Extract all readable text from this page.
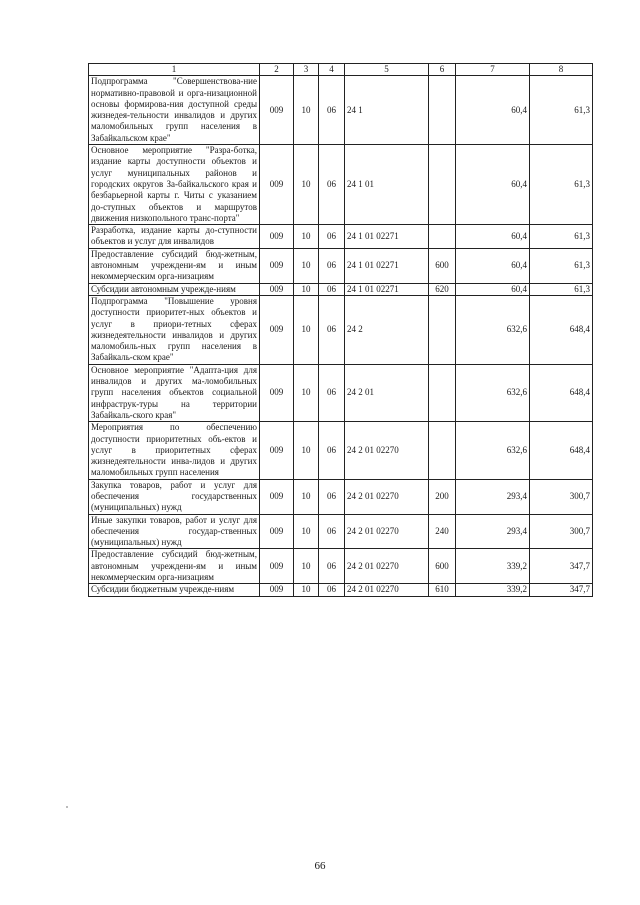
1	2	3	4	5	6	7	8
Подпрограмма "Совершенствова-ние нормативно-правовой и орга-низационной основы формирова-ния доступной среды жизнедея-тельности инвалидов и других маломобильных групп населения в Забайкальском крае"	009	10	06	24 1		60,4	61,3
Основное мероприятие "Разра-ботка, издание карты доступности объектов и услуг муниципальных районов и городских округов За-байкальского края и безбарьерной карты г. Читы с указанием до-ступных объектов и маршрутов движения низкопольного транс-порта"	009	10	06	24 1 01		60,4	61,3
Разработка, издание карты до-ступности объектов и услуг для инвалидов	009	10	06	24 1 01 02271		60,4	61,3
Предоставление субсидий бюд-жетным, автономным учреждени-ям и иным некоммерческим орга-низациям	009	10	06	24 1 01 02271	600	60,4	61,3
Субсидии автономным учрежде-ниям	009	10	06	24 1 01 02271	620	60,4	61,3
Подпрограмма "Повышение уровня доступности приоритет-ных объектов и услуг в приори-тетных сферах жизнедеятельности инвалидов и других маломобиль-ных групп населения в Забайкаль-ском крае"	009	10	06	24 2		632,6	648,4
Основное мероприятие "Адапта-ция для инвалидов и других ма-ломобильных групп населения объектов социальной инфраструк-туры на территории Забайкаль-ского края"	009	10	06	24 2 01		632,6	648,4
Мероприятия по обеспечению доступности приоритетных объ-ектов и услуг в приоритетных сферах жизнедеятельности инва-лидов и других маломобильных групп населения	009	10	06	24 2 01 02270		632,6	648,4
Закупка товаров, работ и услуг для обеспечения государственных (муниципальных) нужд	009	10	06	24 2 01 02270	200	293,4	300,7
Иные закупки товаров, работ и услуг для обеспечения государ-ственных (муниципальных) нужд	009	10	06	24 2 01 02270	240	293,4	300,7
Предоставление субсидий бюд-жетным, автономным учреждени-ям и иным некоммерческим орга-низациям	009	10	06	24 2 01 02270	600	339,2	347,7
Субсидии бюджетным учрежде-ниям	009	10	06	24 2 01 02270	610	339,2	347,7
66
